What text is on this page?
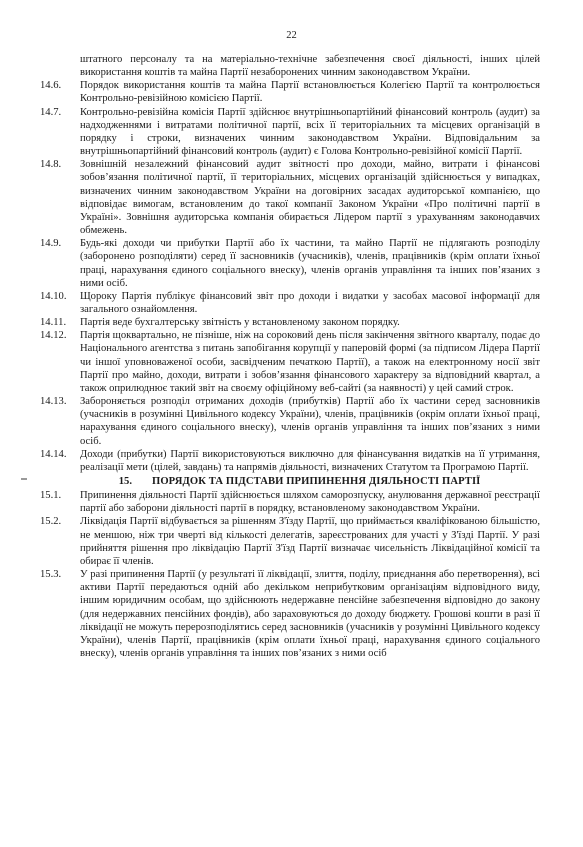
22
штатного персоналу та на матеріально-технічне забезпечення своєї діяльності, інших цілей використання коштів та майна Партії незаборонених чинним законодавством України.
14.6.	Порядок використання коштів та майна Партії встановлюється Колегією Партії та контролюється Контрольно-ревізійною комісією Партії.
14.7.	Контрольно-ревізійна комісія Партії здійснює внутрішньопартійний фінансовий контроль (аудит) за надходженнями і витратами політичної партії, всіх її територіальних та місцевих організацій в порядку і строки, визначених чинним законодавством України. Відповідальним за внутрішньопартійний фінансовий контроль (аудит) є Голова Контрольно-ревізійної комісії Партії.
14.8.	Зовнішній незалежний фінансовий аудит звітності про доходи, майно, витрати і фінансові зобов’язання політичної партії, її територіальних, місцевих організацій здійснюється у випадках, визначених чинним законодавством України на договірних засадах аудиторської компанією, що відповідає вимогам, встановленим до такої компанії Законом України «Про політичні партії в Україні». Зовнішня аудиторська компанія обирається Лідером партії з урахуванням законодавчих обмежень.
14.9.	Будь-які доходи чи прибутки Партії або їх частини, та майно Партії не підлягають розподілу (заборонено розподіляти) серед її засновників (учасників), членів, працівників (крім оплати їхньої праці, нарахування єдиного соціального внеску), членів органів управління та інших пов’язаних з ними осіб.
14.10.	Щороку Партія публікує фінансовий звіт про доходи і видатки у засобах масової інформації для загального ознайомлення.
14.11.	Партія веде бухгалтерську звітність у встановленому законом порядку.
14.12.	Партія щоквартально, не пізніше, ніж на сороковий день після закінчення звітного кварталу, подає до Національного агентства з питань запобігання корупції у паперовій формі (за підписом Лідера Партії чи іншої уповноваженої особи, засвідченим печаткою Партії), а також на електронному носії звіт Партії про майно, доходи, витрати і зобов’язання фінансового характеру за відповідний квартал, а також оприлюднює такий звіт на своєму офіційному веб-сайті (за наявності) у цей самий строк.
14.13.	Забороняється розподіл отриманих доходів (прибутків) Партії або їх частини серед засновників (учасників в розумінні Цивільного кодексу України), членів, працівників (окрім оплати їхньої праці, нарахування єдиного соціального внеску), членів органів управління та інших пов’язаних з ними осіб.
14.14.	Доходи (прибутки) Партії використовуються виключно для фінансування видатків на її утримання, реалізації мети (цілей, завдань) та напрямів діяльності, визначених Статутом та Програмою Партії.
15.	ПОРЯДОК ТА ПІДСТАВИ ПРИПИНЕННЯ ДІЯЛЬНОСТІ ПАРТІЇ
15.1.	Припинення діяльності Партії здійснюється шляхом саморозпуску, анулювання державної реєстрації партії або заборони діяльності партії в порядку, встановленому законодавством України.
15.2.	Ліквідація Партії відбувається за рішенням З'їзду Партії, що приймається кваліфікованою більшістю, не меншою, ніж три чверті від кількості делегатів, зареєстрованих для участі у З'їзді Партії. У разі прийняття рішення про ліквідацію Партії З'їзд Партії визначає чисельність Ліквідаційної комісії та обирає її членів.
15.3.	У разі припинення Партії (у результаті її ліквідації, злиття, поділу, приєднання або перетворення), всі активи Партії передаються одній або декільком неприбутковим організаціям відповідного виду, іншим юридичним особам, що здійснюють недержавне пенсійне забезпечення відповідно до закону (для недержавних пенсійних фондів), або зараховуються до доходу бюджету. Грошові кошти в разі її ліквідації не можуть перерозподілятись серед засновників (учасників у розумінні Цивільного кодексу України), членів Партії, працівників (крім оплати їхньої праці, нарахування єдиного соціального внеску), членів органів управління та інших пов’язаних з ними осіб
